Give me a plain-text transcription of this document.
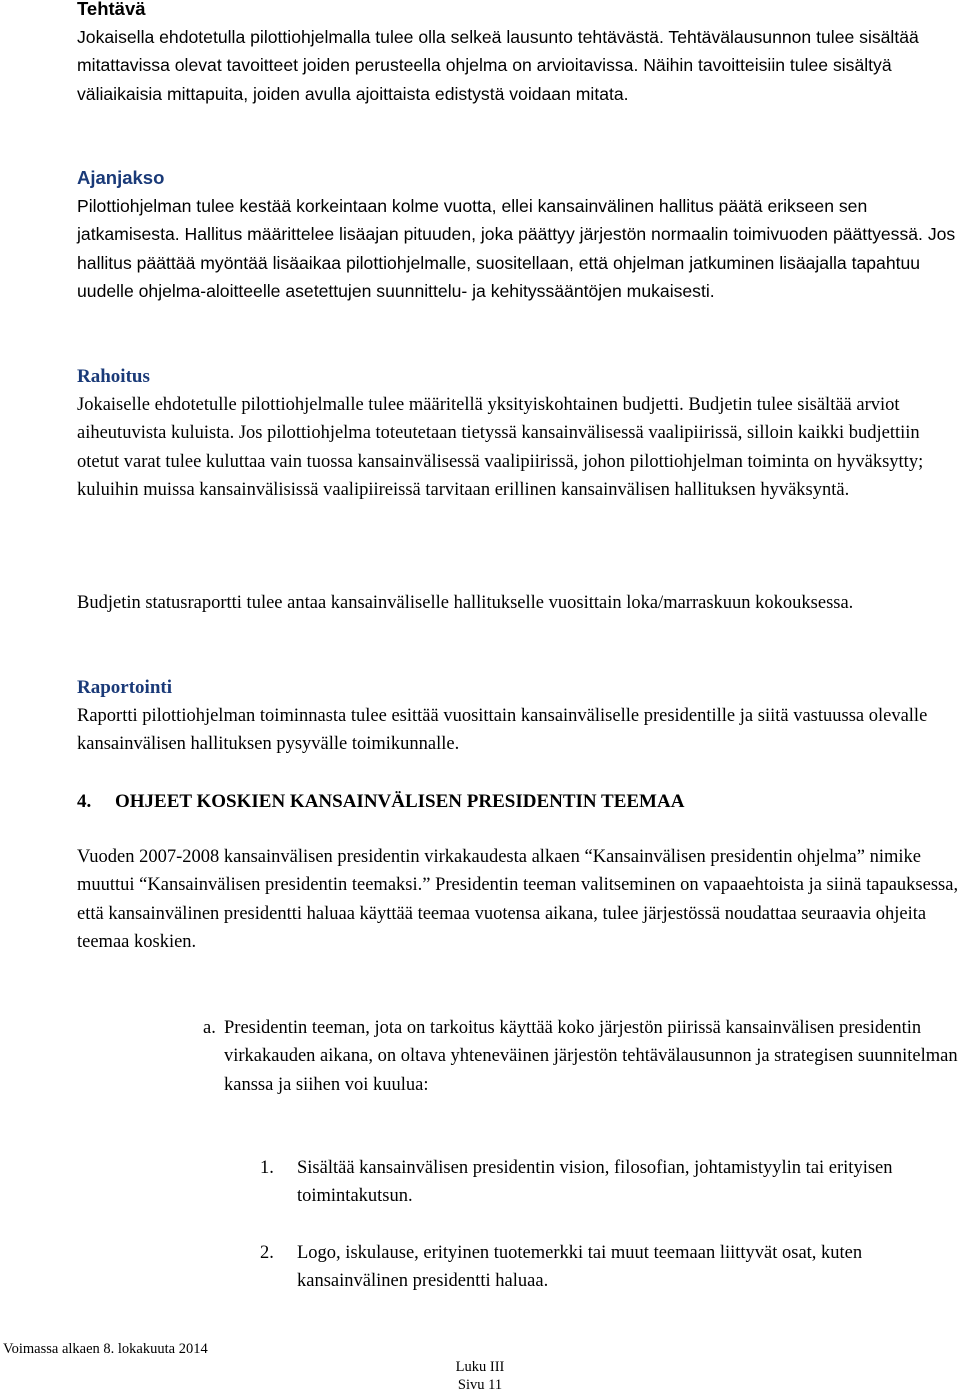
Tehtävä

Jokaisella ehdotetulla pilottiohjelmalla tulee olla selkeä lausunto tehtävästä. Tehtävälausunnon tulee sisältää mitattavissa olevat tavoitteet joiden perusteella ohjelma on arvioitavissa. Näihin tavoitteisiin tulee sisältyä väliaikaisia mittapuita, joiden avulla ajoittaista edistystä voidaan mitata.

Ajanjakso

Pilottiohjelman tulee kestää korkeintaan kolme vuotta, ellei kansainvälinen hallitus päätä erikseen sen jatkamisesta. Hallitus määrittelee lisäajan pituuden, joka päättyy järjestön normaalin toimivuoden päättyessä. Jos hallitus päättää myöntää lisäaikaa pilottiohjelmalle, suositellaan, että ohjelman jatkuminen lisäajalla tapahtuu uudelle ohjelma-aloitteelle asetettujen suunnittelu- ja kehityssääntöjen mukaisesti.

Rahoitus

Jokaiselle ehdotetulle pilottiohjelmalle tulee määritellä yksityiskohtainen budjetti. Budjetin tulee sisältää arviot aiheutuvista kuluista. Jos pilottiohjelma toteutetaan tietyssä kansainvälisessä vaalipiirissä, silloin kaikki budjettiin otetut varat tulee kuluttaa vain tuossa kansainvälisessä vaalipiirissä, johon pilottiohjelman toiminta on hyväksytty; kuluihin muissa kansainvälisissä vaalipiireissä tarvitaan erillinen kansainvälisen hallituksen hyväksyntä.

Budjetin statusraportti tulee antaa kansainväliselle hallitukselle vuosittain loka/marraskuun kokouksessa.

Raportointi

Raportti pilottiohjelman toiminnasta tulee esittää vuosittain kansainväliselle presidentille ja siitä vastuussa olevalle kansainvälisen hallituksen pysyvälle toimikunnalle.

4. OHJEET KOSKIEN KANSAINVÄLISEN PRESIDENTIN TEEMAA

Vuoden 2007-2008 kansainvälisen presidentin virkakaudesta alkaen “Kansainvälisen presidentin ohjelma” nimike muuttui “Kansainvälisen presidentin teemaksi.” Presidentin teeman valitseminen on vapaaehtoista ja siinä tapauksessa, että kansainvälinen presidentti haluaa käyttää teemaa vuotensa aikana, tulee järjestössä noudattaa seuraavia ohjeita teemaa koskien.

a. Presidentin teeman, jota on tarkoitus käyttää koko järjestön piirissä kansainvälisen presidentin virkakauden aikana, on oltava yhteneväinen järjestön tehtävälausunnon ja strategisen suunnitelman kanssa ja siihen voi kuulua:
1. Sisältää kansainvälisen presidentin vision, filosofian, johtamistyylin tai erityisen toimintakutsun.
2. Logo, iskulause, erityinen tuotemerkki tai muut teemaan liittyvät osat, kuten kansainvälinen presidentti haluaa.
Voimassa alkaen 8. lokakuuta 2014
Luku III
Sivu 11
